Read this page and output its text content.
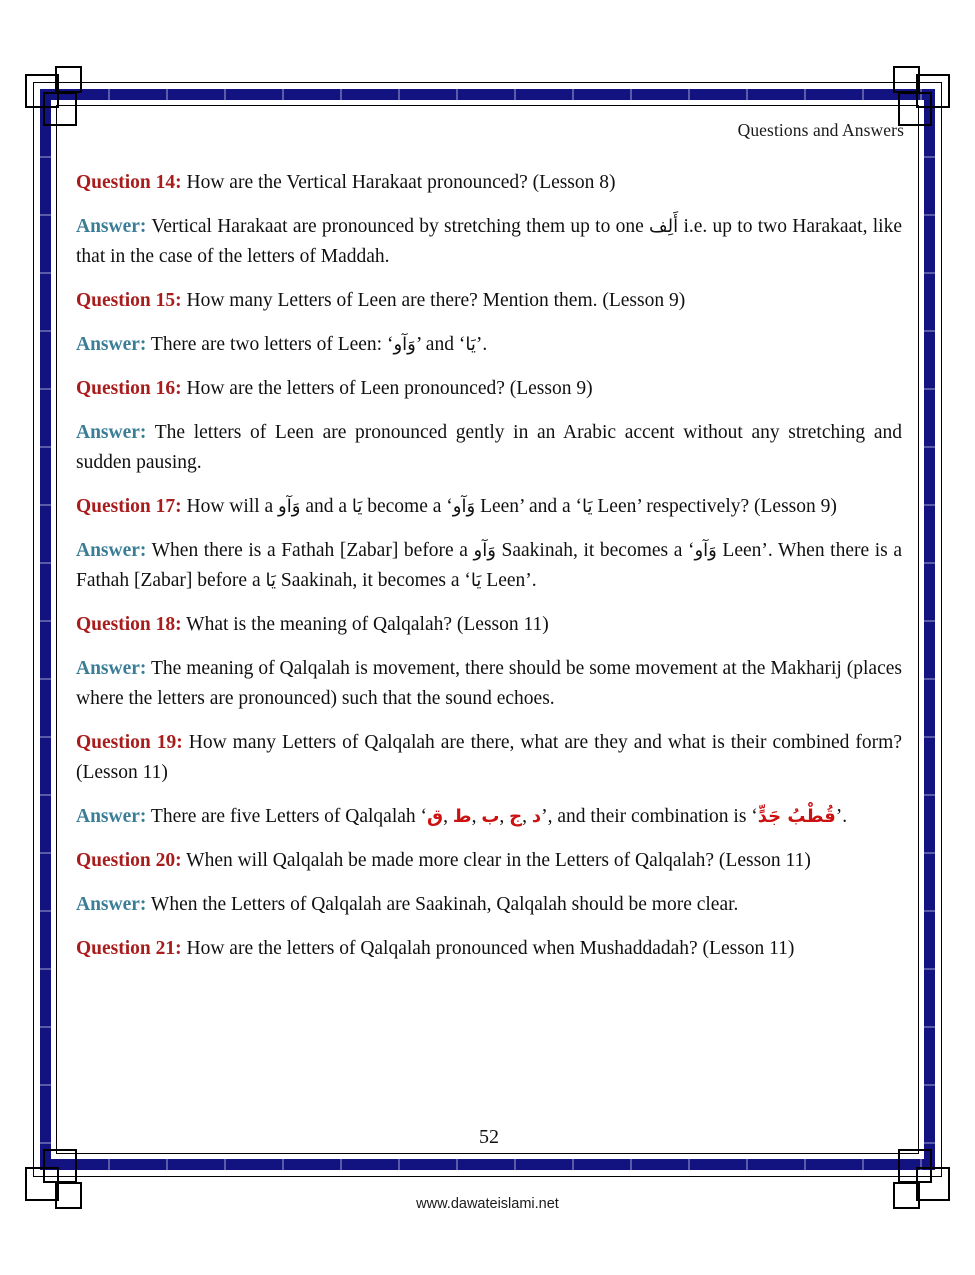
Questions and Answers

Question 14: How are the Vertical Harakaat pronounced? (Lesson 8)

Answer: Vertical Harakaat are pronounced by stretching them up to one أَلِف i.e. up to two Harakaat, like that in the case of the letters of Maddah.

Question 15: How many Letters of Leen are there? Mention them. (Lesson 9)

Answer: There are two letters of Leen: ‘وَآو’ and ‘يَا’.

Question 16: How are the letters of Leen pronounced? (Lesson 9)

Answer: The letters of Leen are pronounced gently in an Arabic accent without any stretching and sudden pausing.

Question 17: How will a وَآو and a يَا become a ‘وَآو Leen’ and a ‘يَا Leen’ respectively? (Lesson 9)

Answer: When there is a Fathah [Zabar] before a وَآو Saakinah, it becomes a ‘وَآو Leen’. When there is a Fathah [Zabar] before a يَا Saakinah, it becomes a ‘يَا Leen’.

Question 18: What is the meaning of Qalqalah? (Lesson 11)

Answer: The meaning of Qalqalah is movement, there should be some movement at the Makharij (places where the letters are pronounced) such that the sound echoes.

Question 19: How many Letters of Qalqalah are there, what are they and what is their combined form? (Lesson 11)

Answer: There are five Letters of Qalqalah ‘ق, ط, ب, ج, د’, and their combination is ‘قُطْبُ جَدٍّ’.

Question 20: When will Qalqalah be made more clear in the Letters of Qalqalah? (Lesson 11)

Answer: When the Letters of Qalqalah are Saakinah, Qalqalah should be more clear.

Question 21: How are the letters of Qalqalah pronounced when Mushaddadah? (Lesson 11)

52
www.dawateislami.net
